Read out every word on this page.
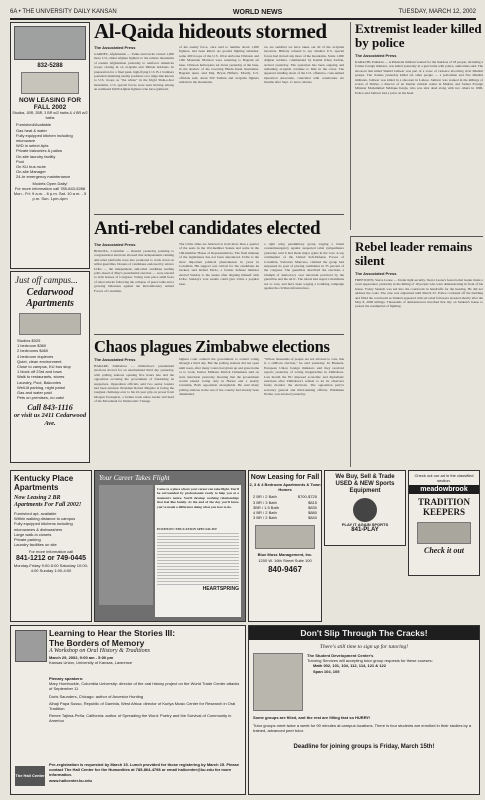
6A • THE UNIVERSITY DAILY KANSAN	WORLD NEWS	TUESDAY, MARCH 12, 2002
832-5288
NOW LEASING FOR FALL 2002
Studios, 1BR, 2BR, 3 BR w/2 baths & 4 BR w/2 baths
Furnished/Available
Gas heat & water
Fully equipped kitchen including microwave
W/D in select Apts
Private balconies & patios
On-site laundry facility
Pool
On KU bus route
On-site Manager
24-hr emergency maintenance
Models Open Daily!
For more information call 785-843-5288
Mon - Fri: 9 a.m. - 6 p.m. Sat. 10 a.m. - 5 p.m. Sun. 1pm-4pm
Just off campus...
Cedarwood Apartments
Studios $325
1 bedroom $360
2 bedrooms $460
4 bedroom duplexes
Quiet, clean environment
Close to campus, KU bus stop
1 block off 23rd and Iowa
Walk to restaurants, stores
Laundry, Pool, Balconies
Well-lit parking, night patrol
Gas and water paid
Pets on premises, no cats!
Call 843-1116
or visit us 2411 Cedarwood Ave.
Al-Qaida hideouts stormed
The Associated Press
GARDEZ, Afghanistan — Tanks and trucks carried 1,000 more U.S.-allied Afghan fighters to the remote mountains of eastern Afghanistan yesterday to reinforce American troops closing in on al-Qaida and Taliban holdouts. In preparation for a final push, high-flying U.S. B-1 bombers pounded remaining enemy positions on a ridge-line known to U.S. troops as "the whale" in the frigid Shah-e-Kot mountains. U.S. special forces were seen moving among an estimated 6,000 Afghan fighters who have gathered.
of the enemy force, once said to number about 1,000 fighters, had been killed. As ground fighting subsided, some 400 troops of the U.S. 101st Airborne Division and 10th Mountain Division were returning to Bagram air base. Chinook helicopters sat down yesterday at the base, in the shadow of the towering Hindu Kush mountains. Bagram quiet, said Maj. Bryan Hilferty. Mostly, U.S. officials said, about 500 Taliban and al-Qaida fighters remain in the mountains.
we are satisfied we have taken out all of the al-Qaida terrorists. Hilferty refused to say whether U.S. special forces had moved any more of the mountains. Some 1,000 Afghan soldiers, commanded by Kamal Khan Zadran, arrived yesterday. The operation has been ongoing and remaining al-Qaida continue to hide in the caves. The apparent winding down of the U.S. offensive, code-named Operation Anaconda, coincided with ceremonies six months after Sept. 11 terror attacks.
Extremist leader killed by police
The Associated Press
KARACHI, Pakistan — A Pakistani militant wanted for the murders of 18 people, including a former foreign minister, was killed yesterday in a gun battle with police, authorities said. The shootout that killed Shahid Jamwar was part of a wave of violence involving rival Muslim groups. The clashes yesterday killed six other people — a policeman and five Muslim militants. Jamwar was killed in a shootout in Lahore. Jamwar was wanted in the killings of scores of Shiites, a director of an Iranian cultural center in Multan, and former Foreign Minister Mohammad Siddique Kanju, who was shot dead along with two others in 1996. Police said Jamwar had a price on his head.
Anti-rebel candidates elected
The Associated Press
BOGOTA, Colombia — Results yesterday pointing to congressional elections showed that independents running anti-rebel platforms were also promoted to crack down on leftist guerrillas. Dozens of candidates endorsed by Alvaro Uribe — the independent, anti-rebel candidate leading polls ahead of May's presidential election — were elected to both houses of Congress. Voting took place amid fears of rebel attacks following the collapse of peace talks and a growing bitterness against the Revolutionary Armed Forces of Colombia.
The Uribe allies are believed to hold more than a quarter of the seats in the 102-member Senate and some in the 166-member House of Representatives. The final makeup of the legislatures has not been announced. Uribe is the most important political phenomenon in years in Colombia. His support was critical for the candidates he backed, said Rafael Pardo, a former defense minister elected Sunday to the senate after aligning himself with Uribe. Sunday's vote results could give Uribe a popular base.
a right wing paramilitary group waging a brutal counterinsurgency against suspected rebel sympathizers yesterday said it had made major gains in the vote. A top commander of the United Self-Defense Forces of Colombia, Salvatore Mancuso, claimed the group had surpassed its goal of placing candidates in 35 percent of the congress. The guerrillas described the elections a triumph of democracy over terrorism practiced by the guerrillas and the AUC. The rebels had urged Colombians not to vote, and have been waging a bombing campaign against the civilian infrastructure.
Rebel leader remains silent
The Associated Press
FREETOWN, Sierra Leone — Under tight security, Sierra Leone's feared rebel leader made a court appearance yesterday in the killing of 19 people who were demonstrating in front of his house. Foday Sankoh was led into the courtroom in handcuffs for the hearing. He did not address the court. The case was adjourned until March 25. Police cordoned off the building and filled the courtroom as Sankoh appeared with six rebel followers arrested shortly after the May 8, 2000 killings. Thousands of demonstrators marched that day on Sankoh's house to protest the resumption of fighting.
Chaos plagues Zimbabwe elections
The Associated Press
HARARE, Zimbabwe — Zimbabwe's presidential elections moved for an unscheduled third day yesterday, with polling stations opening five hours late and the opposition accusing the government of frustrating its supporters. Opposition officials said two senior leaders had been arrested. President Robert Mugabe is facing the toughest challenge ever to his 22-year grip on power from Morgan Tsvangirai, a former trade union leader and head of the Movement for Democratic Change.
highest court ordered the government to extend voting through a third day. But the polling stations did not open until noon, after many voters had given up and gone home or to work. Justice Minister Patrick Chinamasa said on state television yesterday morning that the government would extend voting only in Harare and a nearby township. Both opposition strongholds. He said many polling stations in the rest of the country had already been dismantled.
"Whose thousands of people are not allowed to vote, this is a stillborn election," he said yesterday. In Brussels, European Union foreign ministers said they received reports yesterday of voting irregularities in Zimbabwe. Last month the EU imposed economic and diplomatic sanctions after Zimbabwe's refusal to let its observers freely monitor the elections. The opposition party's secretary general and third-ranking official, Welshman Ncube, was arrested yesterday.
Kentucky Place Apartments
Now Leasing 2 BR Apartments For Fall 2002!
Furnished apt. available
Within walking distance to campus
Fully equipped kitchens including microwaves & dishwashers
Large walk-in closets
Private parking
Laundry facilities on site
For more information call
841-1212 or 749-0445
Monday-Friday 9:00-5:00 Saturday 10:00-4:00 Sunday 1:00-4:00
Your Career Takes Flight
Come to a place where your career can take flight. You'll be surrounded by professionals ready to help you at a moment's notice. You'll develop working relationships that feel like family. At the end of the day you'll know you've made a difference doing what you love to do.
POSITION: EDUCATION SPECIALIST
HEARTSPRING
Now Leasing for Fall
2, 3 & 4 Bedroom Apartments & Town Homes
2 BR / 2 Bath	$700-$725
3 BR / 3 Bath	$815
3BR / 1.5 Bath	$830
4 BR / 2 Bath	$880
3 BR / 2 Bath	$840
Blue Moss Management, Inc.
1200 W. 16th Street Suite 100
840-9467
We Buy, Sell & Trade USED & NEW Sports Equipment
PLAY IT AGAIN SPORTS
841-PLAY
Check out our ad in the classified section.
meadowbrook
TRADITION KEEPERS
Check it out
Don't Slip Through The Cracks!
There's still time to sign up for tutoring!
The Student Development Center's
Tutoring Services will accepting tutor group requests for these courses:
Math 002, 101, 104, 112, 114, 121 & 122
Span 104, 105
Some groups are filled, and the rest are filling fast so HURRY!
Tutor groups meet twice a week for 90 minutes at campus locations. There is four students are enrolled in their studies by a trained, advanced peer tutor.
Deadline for joining groups is Friday, March 15th!
Learning to Hear the Stories III:
The Borders of Memory
A Workshop on Oral History & Traditions
March 29, 2002, 9:00 am - 5:00 pm
Kansas Union, University of Kansas, Lawrence
Plenary speakers:
Mary Hombuckle, Columbia University: director of the oral history project on the World Trade Center attacks of September 11
Doris Saunders, Chicago: author of Ancestor Hunting
Alhaji Papa Susso, Republic of Gambia, West Africa: director of Kuriya Music Center for Research in Oral Tradition
Renee Tajima-Peña, California: author of Spreading the Word: Poetry and the Survival of Community in America
The Hall Center
Pre-registration is requested by March 15. Lunch provided for those registering by March 15. Please contact The Hall Center for the Humanities at 785-864-4798 or email hallcenter@ku.edu for more information.
www.hallcenter.ku.edu
